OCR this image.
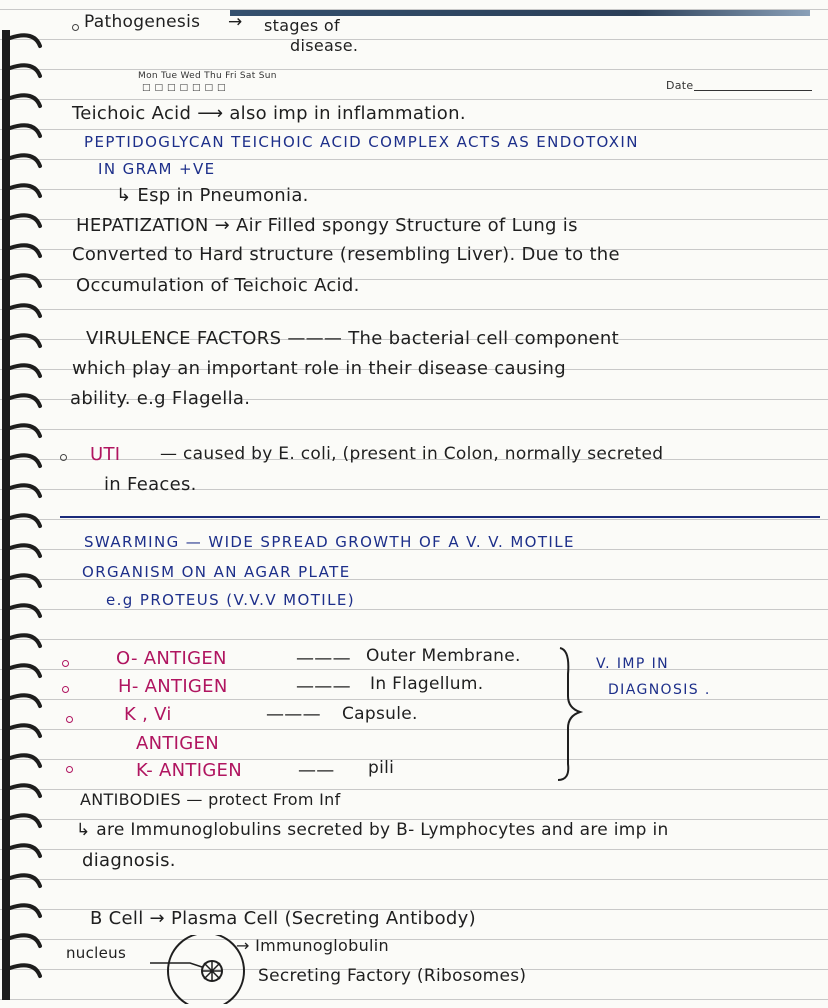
Pathogenesis → stages of
disease.
Mon Tue Wed Thu Fri Sat Sun
□□□□□□□	Date
Teichoic Acid ⟶ also imp in inflammation.
PEPTIDOGLYCAN TEICHOIC ACID COMPLEX ACTS AS ENDOTOXIN
IN GRAM +VE
↳ Esp in Pneumonia.
HEPATIZATION → Air Filled spongy Structure of Lung is
Converted to Hard structure (resembling Liver). Due to the
Occumulation of Teichoic Acid.
VIRULENCE FACTORS ——— The bacterial cell component
which play an important role in their disease causing
ability. e.g Flagella.
UTI — caused by E. coli, (present in Colon, normally secreted
in Feaces.
SWARMING — WIDE SPREAD GROWTH OF A V. V. MOTILE
ORGANISM ON AN AGAR PLATE
e.g PROTEUS (V.V.V MOTILE)
O- ANTIGEN	——— Outer Membrane.
H- ANTIGEN	——— In Flagellum.
K , Vi	——— Capsule.
ANTIGEN
K- ANTIGEN	—— pili
V. IMP IN
DIAGNOSIS .
ANTIBODIES — protect From Inf
↳ are Immunoglobulins secreted by B- Lymphocytes and are imp in
diagnosis.
B Cell → Plasma Cell (Secreting Antibody)
nucleus	→ Immunoglobulin
Secreting Factory (Ribosomes)
